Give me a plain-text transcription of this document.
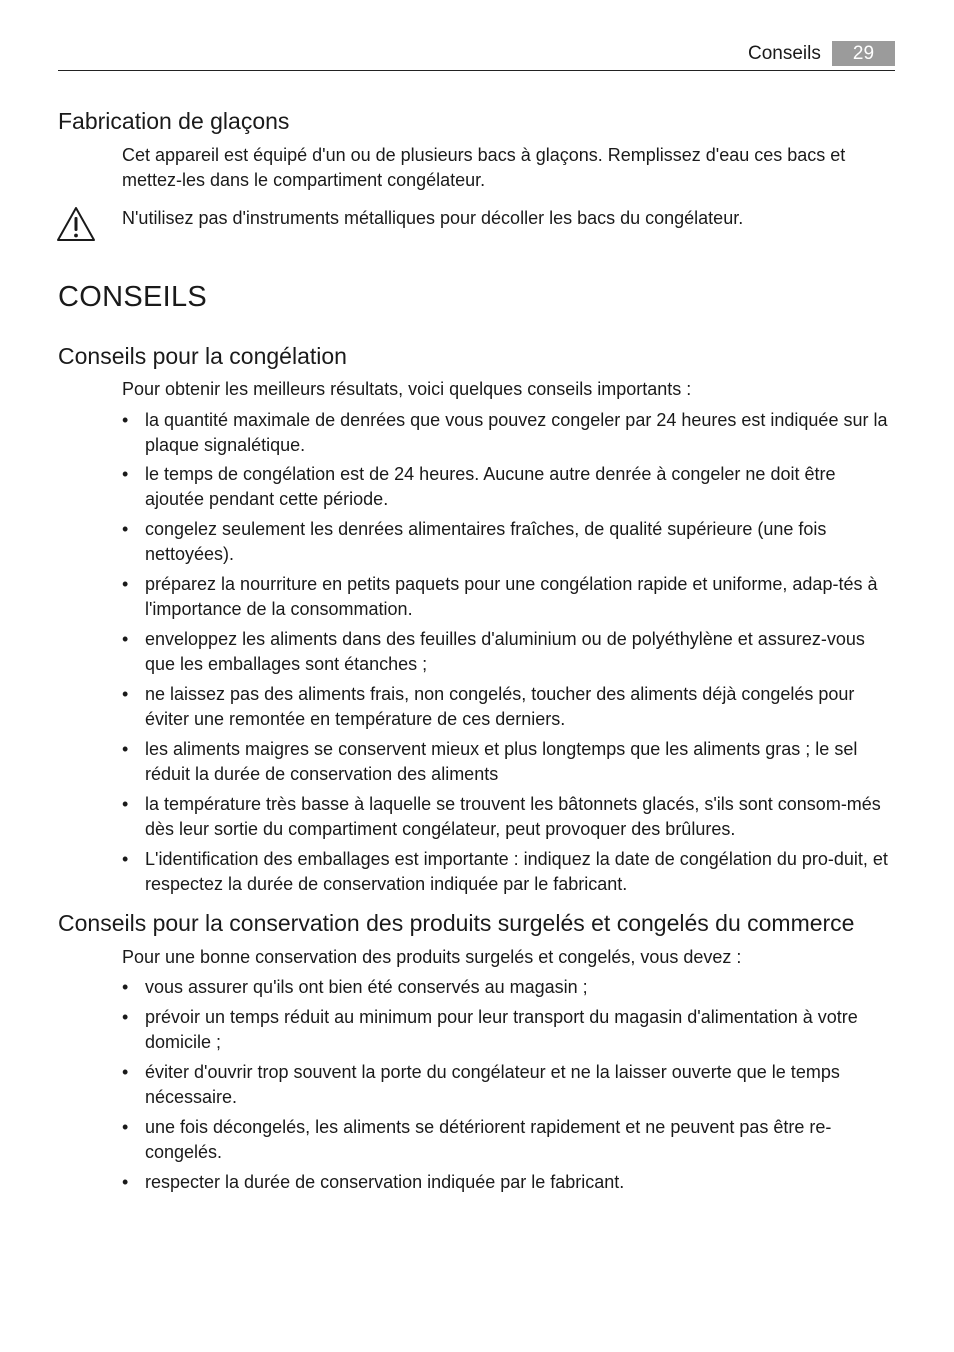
Conseils	29
Fabrication de glaçons
Cet appareil est équipé d'un ou de plusieurs bacs à glaçons. Remplissez d'eau ces bacs et mettez-les dans le compartiment congélateur.
N'utilisez pas d'instruments métalliques pour décoller les bacs du congélateur.
CONSEILS
Conseils pour la congélation
Pour obtenir les meilleurs résultats, voici quelques conseils importants :
• la quantité maximale de denrées que vous pouvez congeler par 24 heures est indiquée sur la plaque signalétique.
• le temps de congélation est de 24 heures. Aucune autre denrée à congeler ne doit être ajoutée pendant cette période.
• congelez seulement les denrées alimentaires fraîches, de qualité supérieure (une fois nettoyées).
• préparez la nourriture en petits paquets pour une congélation rapide et uniforme, adap-tés à l'importance de la consommation.
• enveloppez les aliments dans des feuilles d'aluminium ou de polyéthylène et assurez-vous que les emballages sont étanches ;
• ne laissez pas des aliments frais, non congelés, toucher des aliments déjà congelés pour éviter une remontée en température de ces derniers.
• les aliments maigres se conservent mieux et plus longtemps que les aliments gras ; le sel réduit la durée de conservation des aliments
• la température très basse à laquelle se trouvent les bâtonnets glacés, s'ils sont consom-més dès leur sortie du compartiment congélateur, peut provoquer des brûlures.
• L'identification des emballages est importante : indiquez la date de congélation du pro-duit, et respectez la durée de conservation indiquée par le fabricant.
Conseils pour la conservation des produits surgelés et congelés du commerce
Pour une bonne conservation des produits surgelés et congelés, vous devez :
• vous assurer qu'ils ont bien été conservés au magasin ;
• prévoir un temps réduit au minimum pour leur transport du magasin d'alimentation à votre domicile ;
• éviter d'ouvrir trop souvent la porte du congélateur et ne la laisser ouverte que le temps nécessaire.
• une fois décongelés, les aliments se détériorent rapidement et ne peuvent pas être re-congelés.
• respecter la durée de conservation indiquée par le fabricant.
